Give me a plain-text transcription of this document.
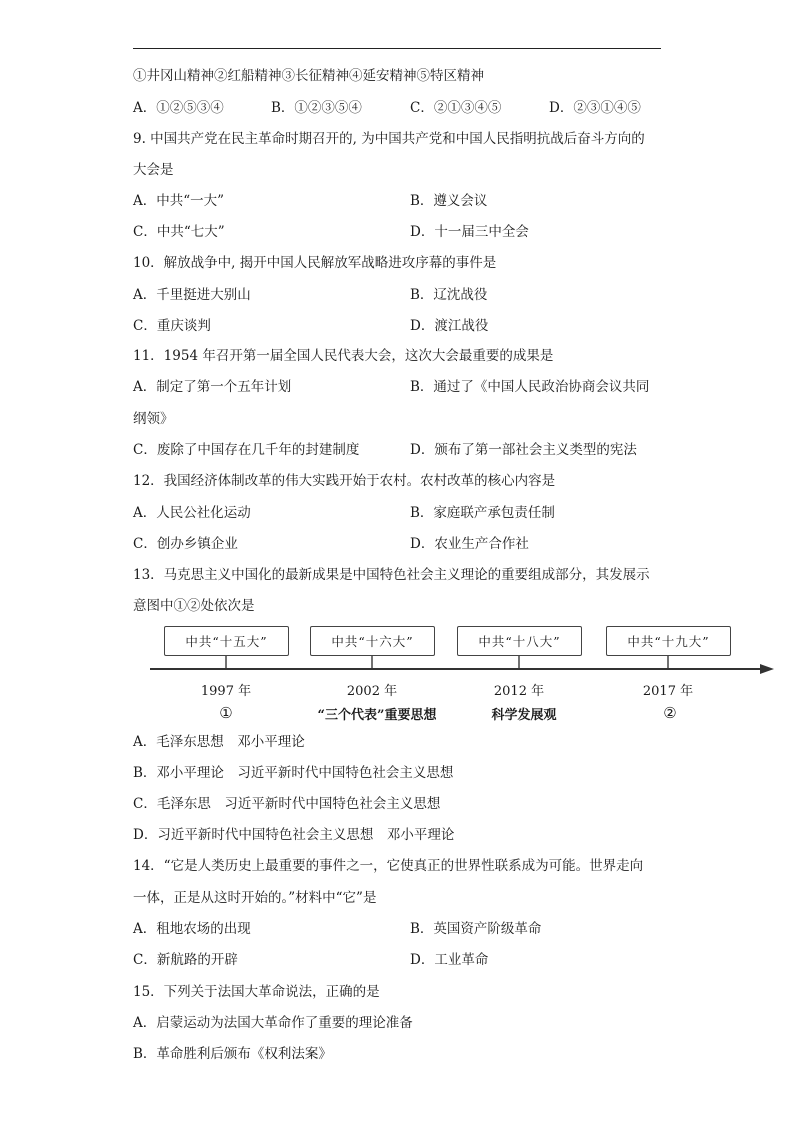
①井冈山精神②红船精神③长征精神④延安精神⑤特区精神
A．①②⑤③④	B．①②③⑤④	C．②①③④⑤	D．②③①④⑤
9. 中国共产党在民主革命时期召开的, 为中国共产党和中国人民指明抗战后奋斗方向的
大会是
A．中共“一大”	B．遵义会议
C．中共“七大”	D．十一届三中全会
10．解放战争中, 揭开中国人民解放军战略进攻序幕的事件是
A．千里挺进大别山	B．辽沈战役
C．重庆谈判	D．渡江战役
11．1954 年召开第一届全国人民代表大会，这次大会最重要的成果是
A．制定了第一个五年计划	B．通过了《中国人民政治协商会议共同
纲领》
C．废除了中国存在几千年的封建制度	D．颁布了第一部社会主义类型的宪法
12．我国经济体制改革的伟大实践开始于农村。农村改革的核心内容是
A．人民公社化运动	B．家庭联产承包责任制
C．创办乡镇企业	D．农业生产合作社
13．马克思主义中国化的最新成果是中国特色社会主义理论的重要组成部分，其发展示
意图中①②处依次是
中共“十五大”	中共“十六大”	中共“十八大”	中共“十九大”
1997 年	2002 年	2012 年	2017 年
①	“三个代表”重要思想	科学发展观	②
A．毛泽东思想　邓小平理论
B．邓小平理论　习近平新时代中国特色社会主义思想
C．毛泽东思　习近平新时代中国特色社会主义思想
D．习近平新时代中国特色社会主义思想　邓小平理论
14．“它是人类历史上最重要的事件之一，它使真正的世界性联系成为可能。世界走向
一体，正是从这时开始的。”材料中“它”是
A．租地农场的出现	B．英国资产阶级革命
C．新航路的开辟	D．工业革命
15．下列关于法国大革命说法，正确的是
A．启蒙运动为法国大革命作了重要的理论准备
B．革命胜利后颁布《权利法案》
